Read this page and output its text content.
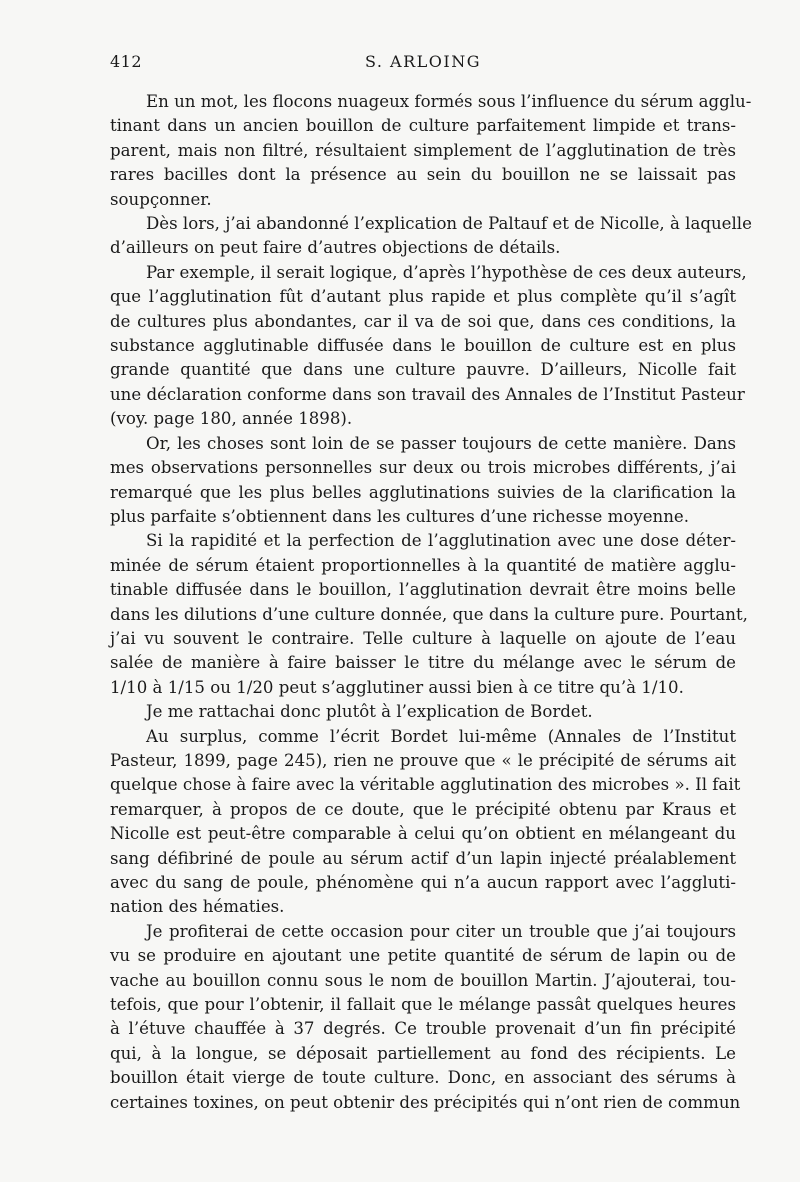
412	S. ARLOING

En un mot, les flocons nuageux formés sous l’influence du sérum agglu-
tinant dans un ancien bouillon de culture parfaitement limpide et trans-
parent, mais non filtré, résultaient simplement de l’agglutination de très
rares bacilles dont la présence au sein du bouillon ne se laissait pas
soupçonner.

Dès lors, j’ai abandonné l’explication de Paltauf et de Nicolle, à laquelle
d’ailleurs on peut faire d’autres objections de détails.

Par exemple, il serait logique, d’après l’hypothèse de ces deux auteurs,
que l’agglutination fût d’autant plus rapide et plus complète qu’il s’agît
de cultures plus abondantes, car il va de soi que, dans ces conditions, la
substance agglutinable diffusée dans le bouillon de culture est en plus
grande quantité que dans une culture pauvre. D’ailleurs, Nicolle fait
une déclaration conforme dans son travail des Annales de l’Institut Pasteur
(voy. page 180, année 1898).

Or, les choses sont loin de se passer toujours de cette manière. Dans
mes observations personnelles sur deux ou trois microbes différents, j’ai
remarqué que les plus belles agglutinations suivies de la clarification la
plus parfaite s’obtiennent dans les cultures d’une richesse moyenne.

Si la rapidité et la perfection de l’agglutination avec une dose déter-
minée de sérum étaient proportionnelles à la quantité de matière agglu-
tinable diffusée dans le bouillon, l’agglutination devrait être moins belle
dans les dilutions d’une culture donnée, que dans la culture pure. Pourtant,
j’ai vu souvent le contraire. Telle culture à laquelle on ajoute de l’eau
salée de manière à faire baisser le titre du mélange avec le sérum de
1/10 à 1/15 ou 1/20 peut s’agglutiner aussi bien à ce titre qu’à 1/10.

Je me rattachai donc plutôt à l’explication de Bordet.

Au surplus, comme l’écrit Bordet lui-même (Annales de l’Institut
Pasteur, 1899, page 245), rien ne prouve que « le précipité de sérums ait
quelque chose à faire avec la véritable agglutination des microbes ». Il fait
remarquer, à propos de ce doute, que le précipité obtenu par Kraus et
Nicolle est peut-être comparable à celui qu’on obtient en mélangeant du
sang défibriné de poule au sérum actif d’un lapin injecté préalablement
avec du sang de poule, phénomène qui n’a aucun rapport avec l’aggluti-
nation des hématies.

Je profiterai de cette occasion pour citer un trouble que j’ai toujours
vu se produire en ajoutant une petite quantité de sérum de lapin ou de
vache au bouillon connu sous le nom de bouillon Martin. J’ajouterai, tou-
tefois, que pour l’obtenir, il fallait que le mélange passât quelques heures
à l’étuve chauffée à 37 degrés. Ce trouble provenait d’un fin précipité
qui, à la longue, se déposait partiellement au fond des récipients. Le
bouillon était vierge de toute culture. Donc, en associant des sérums à
certaines toxines, on peut obtenir des précipités qui n’ont rien de commun
